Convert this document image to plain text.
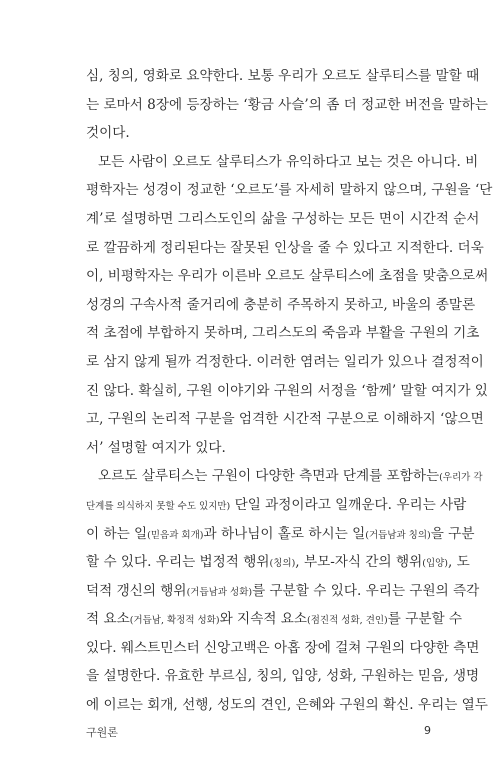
심, 칭의, 영화로 요약한다. 보통 우리가 오르도 살루티스를 말할 때
는 로마서 8장에 등장하는 ‘황금 사슬’의 좀 더 정교한 버전을 말하는
것이다.
모든 사람이 오르도 살루티스가 유익하다고 보는 것은 아니다. 비
평학자는 성경이 정교한 ‘오르도’를 자세히 말하지 않으며, 구원을 ‘단
계’로 설명하면 그리스도인의 삶을 구성하는 모든 면이 시간적 순서
로 깔끔하게 정리된다는 잘못된 인상을 줄 수 있다고 지적한다. 더욱
이, 비평학자는 우리가 이른바 오르도 살루티스에 초점을 맞춤으로써
성경의 구속사적 줄거리에 충분히 주목하지 못하고, 바울의 종말론
적 초점에 부합하지 못하며, 그리스도의 죽음과 부활을 구원의 기초
로 삼지 않게 될까 걱정한다. 이러한 염려는 일리가 있으나 결정적이
진 않다. 확실히, 구원 이야기와 구원의 서정을 ‘함께’ 말할 여지가 있
고, 구원의 논리적 구분을 엄격한 시간적 구분으로 이해하지 ‘않으면
서’ 설명할 여지가 있다.
오르도 살루티스는 구원이 다양한 측면과 단계를 포함하는(우리가 각
단계를 의식하지 못할 수도 있지만) 단일 과정이라고 일깨운다. 우리는 사람
이 하는 일(믿음과 회개)과 하나님이 홀로 하시는 일(거듭남과 칭의)을 구분
할 수 있다. 우리는 법정적 행위(칭의), 부모-자식 간의 행위(입양), 도
덕적 갱신의 행위(거듭남과 성화)를 구분할 수 있다. 우리는 구원의 즉각
적 요소(거듭남, 확정적 성화)와 지속적 요소(점진적 성화, 견인)를 구분할 수
있다. 웨스트민스터 신앙고백은 아홉 장에 걸쳐 구원의 다양한 측면
을 설명한다. 유효한 부르심, 칭의, 입양, 성화, 구원하는 믿음, 생명
에 이르는 회개, 선행, 성도의 견인, 은혜와 구원의 확신. 우리는 열두
구원론	9
